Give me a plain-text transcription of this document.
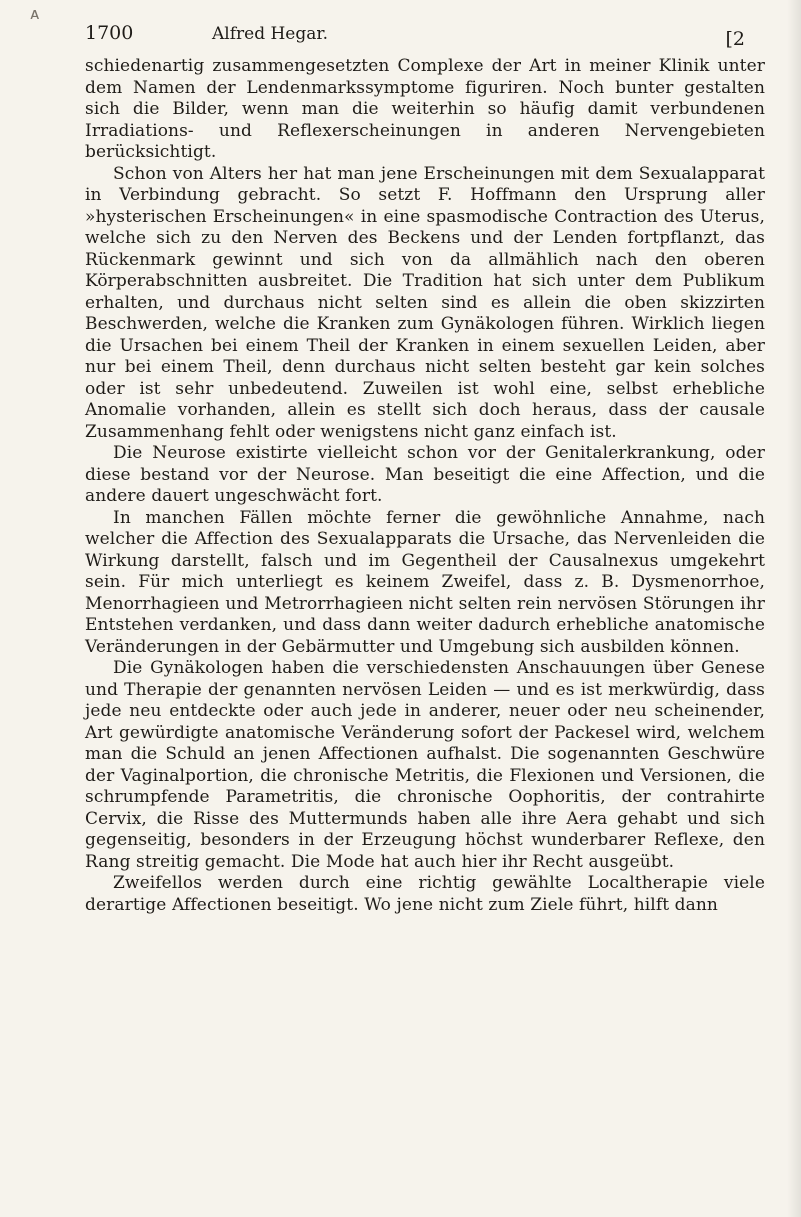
ᴀ
1700	Alfred Hegar.	[2

schiedenartig zusammengesetzten Complexe der Art in meiner Klinik unter dem Namen der Lendenmarkssymptome figuriren. Noch bunter gestalten sich die Bilder, wenn man die weiterhin so häufig damit verbundenen Irradiations- und Reflexerscheinungen in anderen Nervengebieten berücksichtigt.

Schon von Alters her hat man jene Erscheinungen mit dem Sexualapparat in Verbindung gebracht. So setzt F. Hoffmann den Ursprung aller »hysterischen Erscheinungen« in eine spasmodische Contraction des Uterus, welche sich zu den Nerven des Beckens und der Lenden fortpflanzt, das Rückenmark gewinnt und sich von da allmählich nach den oberen Körperabschnitten ausbreitet. Die Tradition hat sich unter dem Publikum erhalten, und durchaus nicht selten sind es allein die oben skizzirten Beschwerden, welche die Kranken zum Gynäkologen führen. Wirklich liegen die Ursachen bei einem Theil der Kranken in einem sexuellen Leiden, aber nur bei einem Theil, denn durchaus nicht selten besteht gar kein solches oder ist sehr unbedeutend. Zuweilen ist wohl eine, selbst erhebliche Anomalie vorhanden, allein es stellt sich doch heraus, dass der causale Zusammenhang fehlt oder wenigstens nicht ganz einfach ist.

Die Neurose existirte vielleicht schon vor der Genitalerkrankung, oder diese bestand vor der Neurose. Man beseitigt die eine Affection, und die andere dauert ungeschwächt fort.

In manchen Fällen möchte ferner die gewöhnliche Annahme, nach welcher die Affection des Sexualapparats die Ursache, das Nervenleiden die Wirkung darstellt, falsch und im Gegentheil der Causalnexus umgekehrt sein. Für mich unterliegt es keinem Zweifel, dass z. B. Dysmenorrhoe, Menorrhagieen und Metrorrhagieen nicht selten rein nervösen Störungen ihr Entstehen verdanken, und dass dann weiter dadurch erhebliche anatomische Veränderungen in der Gebärmutter und Umgebung sich ausbilden können.

Die Gynäkologen haben die verschiedensten Anschauungen über Genese und Therapie der genannten nervösen Leiden — und es ist merkwürdig, dass jede neu entdeckte oder auch jede in anderer, neuer oder neu scheinender, Art gewürdigte anatomische Veränderung sofort der Packesel wird, welchem man die Schuld an jenen Affectionen aufhalst. Die sogenannten Geschwüre der Vaginalportion, die chronische Metritis, die Flexionen und Versionen, die schrumpfende Parametritis, die chronische Oophoritis, der contrahirte Cervix, die Risse des Muttermunds haben alle ihre Aera gehabt und sich gegenseitig, besonders in der Erzeugung höchst wunderbarer Reflexe, den Rang streitig gemacht. Die Mode hat auch hier ihr Recht ausgeübt.

Zweifellos werden durch eine richtig gewählte Localtherapie viele derartige Affectionen beseitigt. Wo jene nicht zum Ziele führt, hilft dann
